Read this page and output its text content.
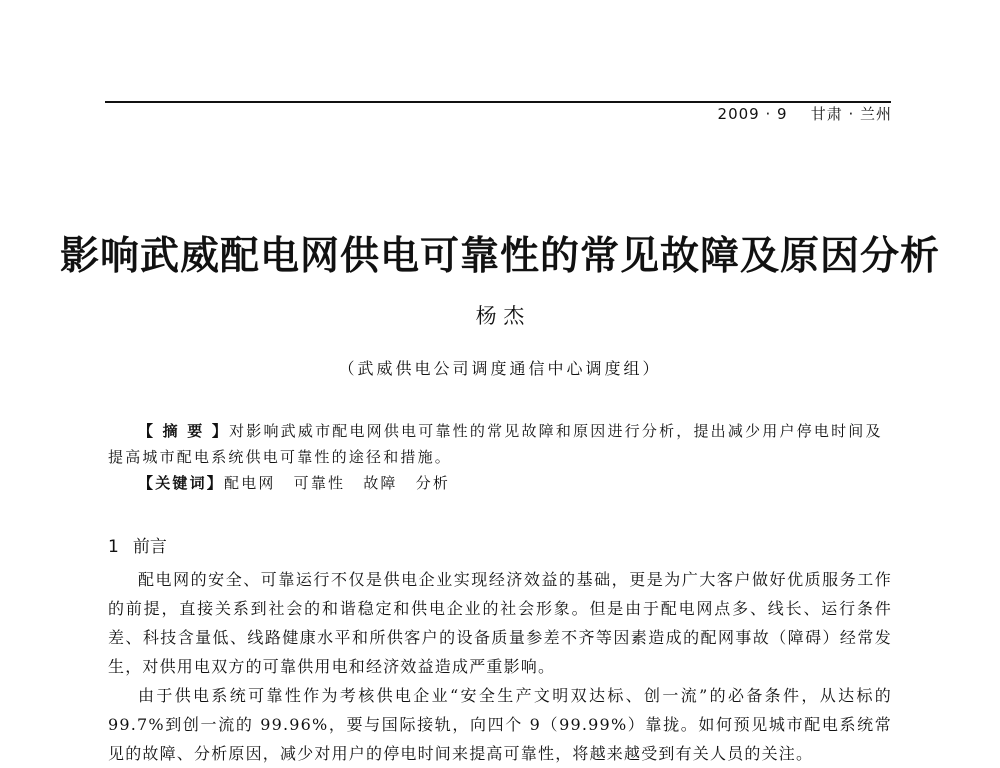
2009 · 9 甘肃 · 兰州
影响武威配电网供电可靠性的常见故障及原因分析
杨 杰
（武威供电公司调度通信中心调度组）

【 摘 要 】对影响武威市配电网供电可靠性的常见故障和原因进行分析，提出减少用户停电时间及提高城市配电系统供电可靠性的途径和措施。

【关键词】配电网 可靠性 故障 分析

1 前言

配电网的安全、可靠运行不仅是供电企业实现经济效益的基础，更是为广大客户做好优质服务工作的前提，直接关系到社会的和谐稳定和供电企业的社会形象。但是由于配电网点多、线长、运行条件差、科技含量低、线路健康水平和所供客户的设备质量参差不齐等因素造成的配网事故（障碍）经常发生，对供用电双方的可靠供用电和经济效益造成严重影响。

由于供电系统可靠性作为考核供电企业“安全生产文明双达标、创一流”的必备条件，从达标的99.7%到创一流的 99.96%，要与国际接轨，向四个 9（99.99%）靠拢。如何预见城市配电系统常见的故障、分析原因，减少对用户的停电时间来提高可靠性，将越来越受到有关人员的关注。
